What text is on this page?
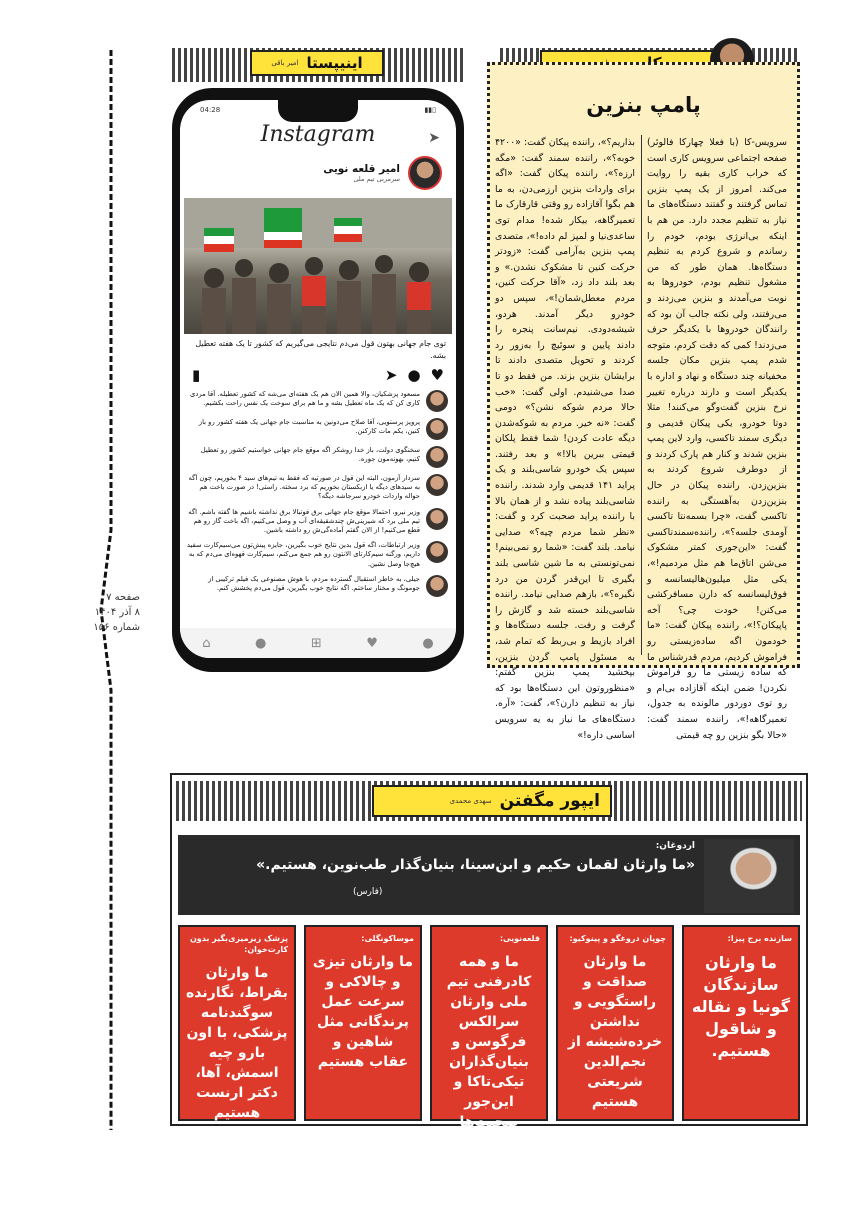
صفحه ۷
۸ آذر ۱۴۰۴
شماره ۱۵۶
اینیپستا
امیر باقی
پامپ بنزین
سرویس-کا (با فعلا چهارکا فالوئر) صفحه اجتماعی سرویس کاری است که خراب کاری بقیه را روایت می‌کند. امروز از یک پمپ بنزین تماس گرفتند و گفتند دستگاه‌های ما نیاز به تنظیم مجدد دارد. من هم با اینکه بی‌انرژی بودم، خودم را رساندم و شروع کردم به تنظیم دستگاه‌ها. همان طور که من مشغول تنظیم بودم، خودروها به نوبت می‌آمدند و بنزین می‌زدند و می‌رفتند، ولی نکته جالب آن بود که رانندگان خودروها با یکدیگر حرف می‌زدند! کمی که دقت کردم، متوجه شدم پمپ بنزین مکان جلسه مخفیانه چند دستگاه و نهاد و اداره با یکدیگر است و دارند درباره تغییر نرخ بنزین گفت‌وگو می‌کنند! مثلا دوتا خودرو، یکی پیکان قدیمی و دیگری سمند تاکسی، وارد لاین پمپ بنزین شدند و کنار هم پارک کردند و از دوطرف شروع کردند به بنزین‌زدن. راننده پیکان در حال بنزین‌زدن به‌آهستگی به راننده تاکسی گفت، «چرا بسمه‌نتا تاکسی آومدی جلسه؟»، راننده‌سمندتاکسی گفت: «این‌جوری کمتر مشکوک می‌شن اتاق‌ما هم مثل مردمیم!»، یکی مثل میلیون‌هالیسانسه و فوق‌لیسانسه که دارن مسافرکشی می‌کنن! خودت چی؟ آخه پاپیکان؟!»، راننده پیکان گفت: «ما خودمون اگه ساده‌زیستی رو فراموش کردیم، مردم قدرشناس ما که ساده زیستی ما رو فراموش نکردن! ضمن اینکه آقازاده بی‌ام و رو توی دوردور مالونده به جدول، تعمیرگاهه!»، راننده سمند گفت: «حالا بگو بنزین رو چه قیمتی
بذاریم؟»، راننده پیکان گفت: «۴۲۰۰ خوبه؟»، راننده سمند گفت: «مگه ارزه؟»، راننده پیکان گفت: «اگه برای واردات بنزین ارزمی‌دن، به ما هم بگوا آقازاده رو وقتی قارقارک ما تعمیرگاهه، بیکار شده! مدام توی ساعدی‌نیا و لمپز لم داده!»، متصدی پمپ بنزین به‌آرامی گفت: «زودتر حرکت کنین تا مشکوک نشدن.» و بعد بلند داد زد، «آقا حرکت کنین، مردم معطل‌شمان!»، سپس دو خودرو دیگر آمدند. هردو، شیشه‌دودی. نیم‌سانت پنجره را دادند پایین و سوئیچ را به‌زور رد کردند و تحویل متصدی دادند تا برایشان بنزین بزند. من فقط دو تا صدا می‌شنیدم. اولی گفت: «خب حالا مردم شوکه نشن؟» دومی گفت: «نه خیر. مردم به شوکه‌شدن دیگه عادت کردن! شما فقط پلکان قیمتی ببرین بالا!» و بعد رفتند. سپس یک خودرو شاسی‌بلند و یک پراید ۱۴۱ قدیمی وارد شدند. راننده شاسی‌بلند پیاده نشد و از همان بالا با راننده پراید صحبت کرد و گفت: «نظر شما مردم چیه؟» صدایی نیامد. بلند گفت: «شما رو نمی‌بینم! نمی‌تونستی به ما شین شاسی بلند بگیری تا این‌قدر گردن من درد نگیره؟»، بازهم صدایی نیامد. راننده شاسی‌بلند خسته شد و گازش را گرفت و رفت. جلسه دستگاه‌ها و افراد بازیط و بی‌ربط که تمام شد، به مسئول پامپ گردن بنزین، بپخشید پمپ بنزین گفتم: «منظوروتون این دستگاه‌ها بود که نیاز به تنظیم دارن؟»، گفت: «آره. دستگاه‌های ما نیاز به یه سرویس اساسی داره!»
04:28	▮▮▯
Instagram	➤
امیر قلعه نویی
سرمربی تیم ملی
توی جام جهانی بهتون قول می‌دم نتایجی می‌گیریم که کشور تا یک هفته تعطیل بشه.
▮	➤ ● ♥
مسعود پزشکیان، والا همین الان هم یک هفته‌ای می‌شه که کشور تعطیله. آقا مردی کاری کن که یک ماه تعطیل بشه و ما هم برای سوخت یک نفس راحت بکشیم.
پرویز پرستویی، آقا صلاح می‌دونین به مناسبت جام جهانی یک هفته کشور رو باز کنین، یکم مات کارکنن.
سخنگوی دولت، باز خدا روشکر اگه موقع جام جهانی خواستیم کشور رو تعطیل کنیم، بهونه‌مون جوره.
سردار آزمون، البته این قول در صورتیه که فقط به تیم‌های سید ۴ بخوریم، چون آگه به سیدهای دیگه یا ازبکستان بخوریم که برد سخته. راستی! در صورت باخت هم حواله واردات خودرو سرجاشه دیگه؟
وزیر نیرو، احتمالا موقع جام جهانی برق فوتبالا برق نداشته باشیم ها گفته باشم. اگه تیم ملی برد که شیرینی‌ش چندشقیقه‌ای آب و وصل می‌کنیم، اگه باخت گاز رو هم قطع می‌کنیم! از الان گفتم آماده‌گی‌ش رو داشته باشین.
وزیر ارتباطات، اگه قول بدین نتایج خوب بگیرین، جایزه پیش‌تون می‌سیم‌کارت سفید داریم، ورگنه سیم‌کارتای الانتون رو هم جمع می‌کنم، سیم‌کارت قهوه‌ای می‌دم که به هیچ‌جا وصل نشین.
جیلی، به خاطر استقبال گسترده مردم، با هوش مصنوعی یک فیلم ترکیبی از جومونگ و مختار ساختم. اگه نتایج خوب بگیرین، قول می‌دم پخشش کنم.
⌂	●	⊞	♥	●
ایپور مگفتن
سهدی محمدی
اردوغان:
«ما وارثان لقمان حکیم و ابن‌سینا، بنیان‌گذار طب‌نوین، هستیم.»
(فارس)
سازنده برج پیزا:
ما وارثان سازندگان گونیا و نقاله و شاقول هستیم.
چوپان دروغگو و پینوکیو:
ما وارثان صداقت و راستگویی و نداشتن خرده‌شیشه از نجم‌الدین شریعتی هستیم
قلعه‌نویی:
ما و همه کادرفنی تیم ملی وارثان سرالکس فرگوسن و بنیان‌گذاران تیکی‌تاکا و این‌جور صحبت‌ها هستیم
موساکونگلی:
ما وارثان تیزی و چالاکی و سرعت عمل پرندگانی مثل شاهین و عقاب هستیم
پزشک زیرمیزی‌بگیر بدون کارت‌خوان:
ما وارثان بقراط، نگارنده سوگندنامه پزشکی، با اون بارو چیه اسمش، آها، دکتر ارنست هستیم
